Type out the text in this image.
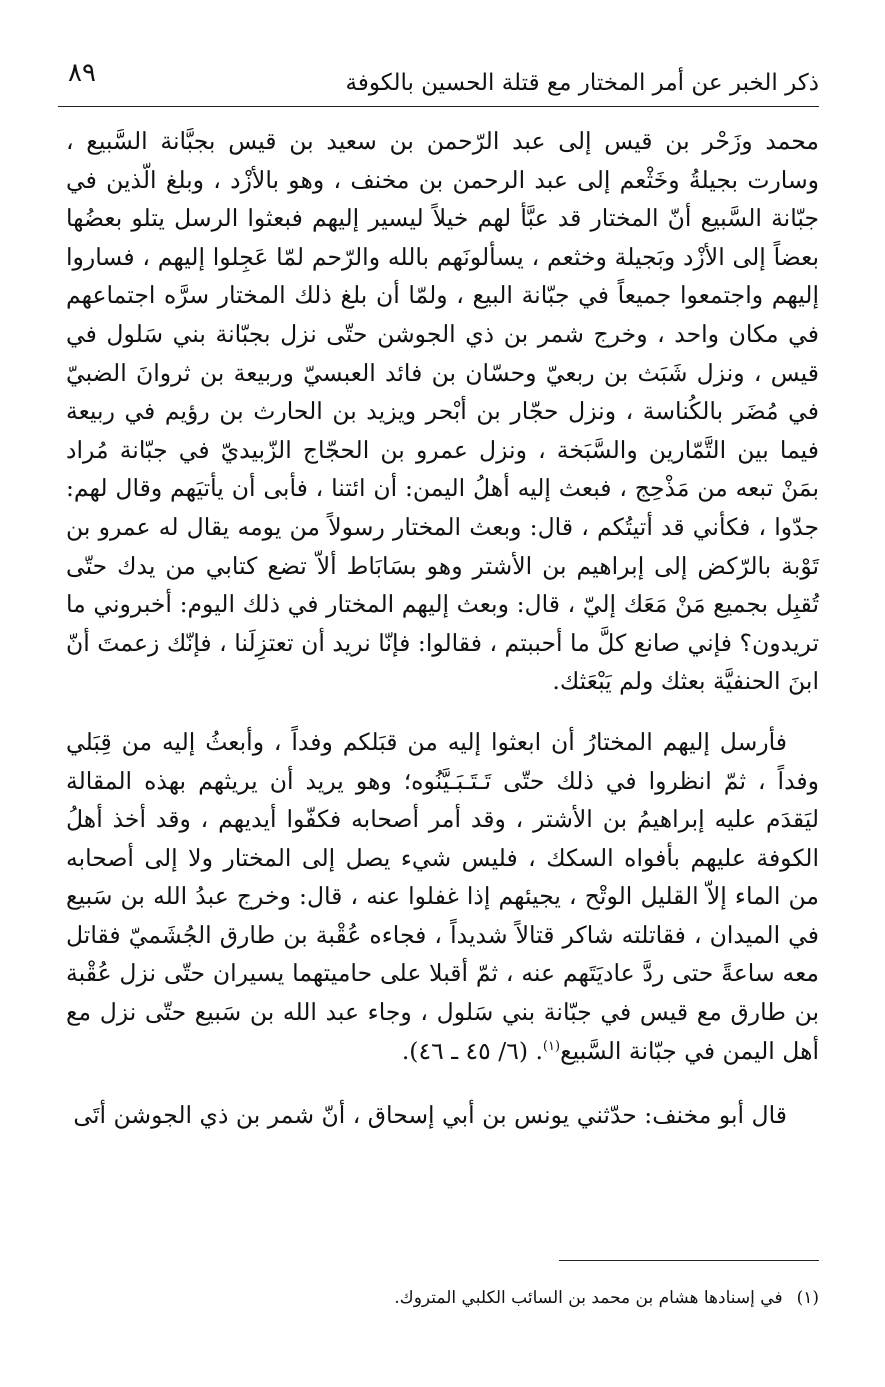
ذكر الخبر عن أمر المختار مع قتلة الحسين بالكوفة
٨٩

محمد وزَحْر بن قيس إلى عبد الرّحمن بن سعيد بن قيس بجبَّانة السَّبيع ، وسارت بجيلةُ وخَثْعم إلى عبد الرحمن بن مخنف ، وهو بالأزْد ، وبلغ الّذين في جبّانة السَّبيع أنّ المختار قد عبَّأ لهم خيلاً ليسير إليهم فبعثوا الرسل يتلو بعضُها بعضاً إلى الأزْد وبَجيلة وخثعم ، يسألونَهم بالله والرّحم لمّا عَجِلوا إليهم ، فساروا إليهم واجتمعوا جميعاً في جبّانة البيع ، ولمّا أن بلغ ذلك المختار سرَّه اجتماعهم في مكان واحد ، وخرج شمر بن ذي الجوشن حتّى نزل بجبّانة بني سَلول في قيس ، ونزل شَبَث بن ربعيّ وحسّان بن فائد العبسيّ وربيعة بن ثروانَ الضبيّ في مُضَر بالكُناسة ، ونزل حجّار بن أبْحر ويزيد بن الحارث بن رؤيم في ربيعة فيما بين التَّمّارين والسَّبَخة ، ونزل عمرو بن الحجّاج الزّبيديّ في جبّانة مُراد بمَنْ تبعه من مَذْحِج ، فبعث إليه أهلُ اليمن: أن ائتنا ، فأبى أن يأتيَهم وقال لهم: جدّوا ، فكأني قد أتيتُكم ، قال: وبعث المختار رسولاً من يومه يقال له عمرو بن تَوْبة بالرّكض إلى إبراهيم بن الأشتر وهو بسَابَاط ألاّ تضع كتابي من يدك حتّى تُقبِل بجميع مَنْ مَعَك إليّ ، قال: وبعث إليهم المختار في ذلك اليوم: أخبروني ما تريدون؟ فإني صانع كلَّ ما أحببتم ، فقالوا: فإنّا نريد أن تعتزِلَنا ، فإنّك زعمتَ أنّ ابنَ الحنفيَّة بعثك ولم يَبْعَثك.

فأرسل إليهم المختارُ أن ابعثوا إليه من قبَلكم وفداً ، وأبعثُ إليه من قِبَلي وفداً ، ثمّ انظروا في ذلك حتّى تَـتَـبَـيَّنُوه؛ وهو يريد أن يريثهم بهذه المقالة ليَقدَم عليه إبراهيمُ بن الأشتر ، وقد أمر أصحابه فكفّوا أيديهم ، وقد أخذ أهلُ الكوفة عليهم بأفواه السكك ، فليس شيء يصل إلى المختار ولا إلى أصحابه من الماء إلاّ القليل الوتْح ، يجيئهم إذا غفلوا عنه ، قال: وخرج عبدُ الله بن سَبيع في الميدان ، فقاتلته شاكر قتالاً شديداً ، فجاءه عُقْبة بن طارق الجُشَميّ فقاتل معه ساعةً حتى ردَّ عاديَتَهم عنه ، ثمّ أقبلا على حاميتهما يسيران حتّى نزل عُقْبة بن طارق مع قيس في جبّانة بني سَلول ، وجاء عبد الله بن سَبيع حتّى نزل مع أهل اليمن في جبّانة السَّبيع$^{(١)}$. (٦/ ٤٥ ـ ٤٦).

قال أبو مخنف: حدّثني يونس بن أبي إسحاق ، أنّ شمر بن ذي الجوشن أتَى

(١)في إسنادها هشام بن محمد بن السائب الكلبي المتروك.
